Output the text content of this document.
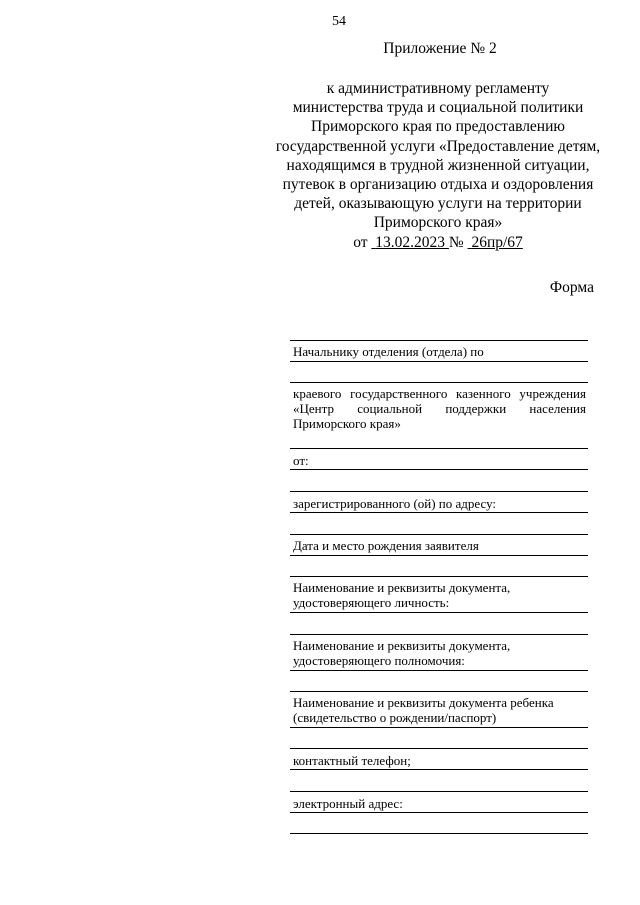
54
Приложение № 2
к административному регламенту
министерства труда и социальной политики
Приморского края по предоставлению
государственной услуги «Предоставление детям,
находящимся в трудной жизненной ситуации,
путевок в организацию отдыха и оздоровления
детей, оказывающую услуги на территории
Приморского края»
от 13.02.2023 № 26пр/67
Форма
Начальнику отделения (отдела) по
краевого государственного казенного учреждения
«Центр социальной поддержки населения
Приморского края»
от:
зарегистрированного (ой) по адресу:
Дата и место рождения заявителя
Наименование и реквизиты документа,
удостоверяющего личность:
Наименование и реквизиты документа,
удостоверяющего полномочия:
Наименование и реквизиты документа ребенка
(свидетельство о рождении/паспорт)
контактный телефон;
электронный адрес:
